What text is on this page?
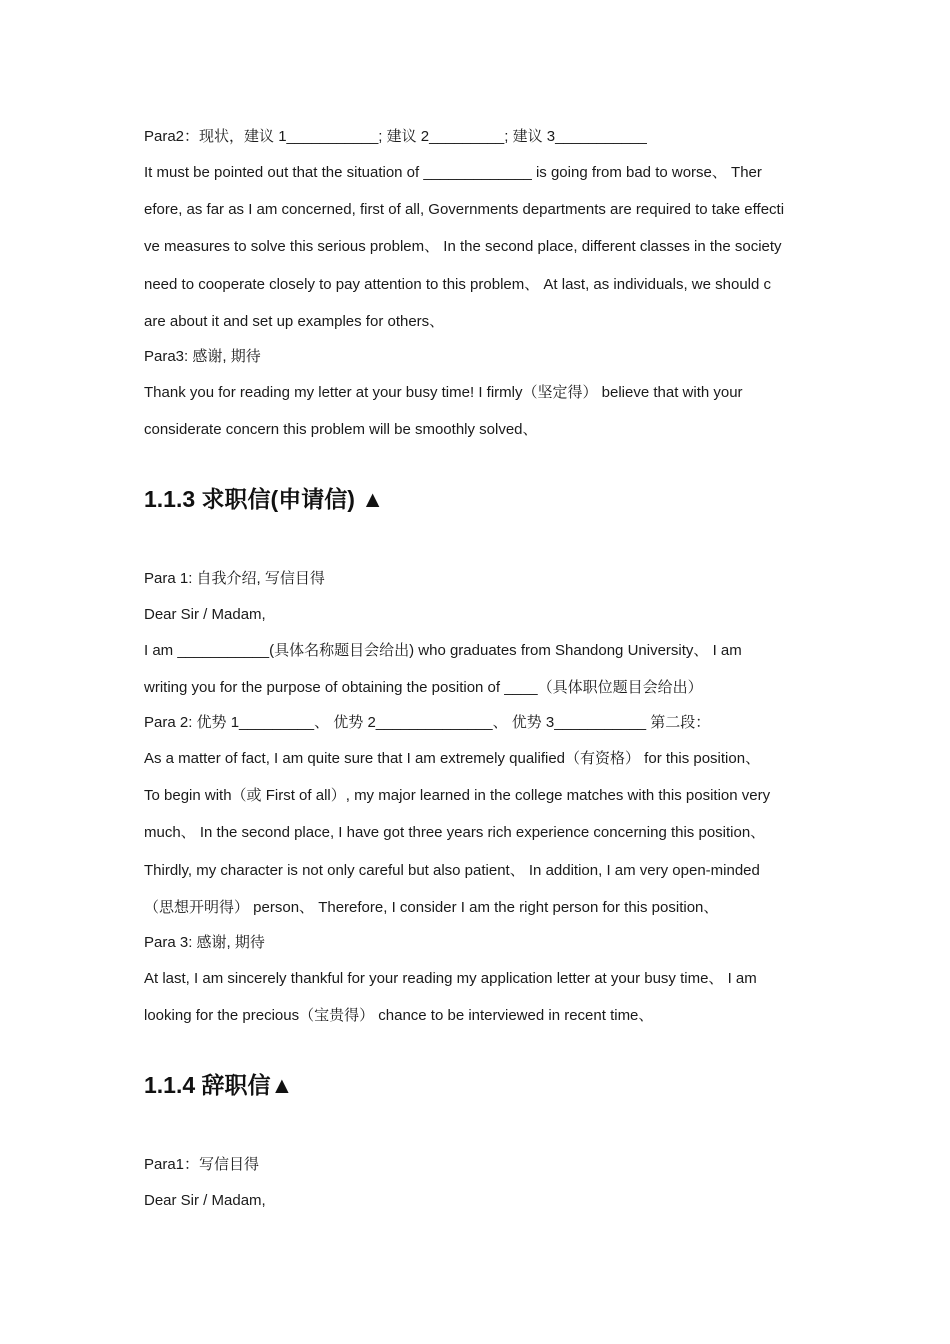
Para2：现状，建议 1___________; 建议 2_________; 建议 3___________
It must be pointed out that the situation of _____________ is going from bad to worse、 Ther
efore, as far as I am concerned, first of all, Governments departments are required to take effecti
ve measures to solve this serious problem、 In the second place, different classes in the society
need to cooperate closely to pay attention to this problem、 At last, as individuals, we should c
are about it and set up examples for others、
Para3: 感谢, 期待
Thank you for reading my letter at your busy time! I firmly（坚定得） believe that with your
considerate concern this problem will be smoothly solved、
1.1.3 求职信(申请信) ▲
Para 1: 自我介绍, 写信目得
Dear Sir / Madam,
I am ___________(具体名称题目会给出) who graduates from Shandong University、 I am
writing you for the purpose of obtaining the position of ____（具体职位题目会给出）
Para 2: 优势 1_________、 优势 2______________、 优势 3___________ 第二段：
As a matter of fact, I am quite sure that I am extremely qualified（有资格） for this position、
To begin with（或 First of all）, my major learned in the college matches with this position very
much、 In the second place, I have got three years rich experience concerning this position、
Thirdly, my character is not only careful but also patient、 In addition, I am very open-minded
（思想开明得） person、 Therefore, I consider I am the right person for this position、
Para 3: 感谢, 期待
At last, I am sincerely thankful for your reading my application letter at your busy time、 I am
looking for the precious（宝贵得） chance to be interviewed in recent time、
1.1.4 辞职信▲
Para1：写信目得
Dear Sir / Madam,
